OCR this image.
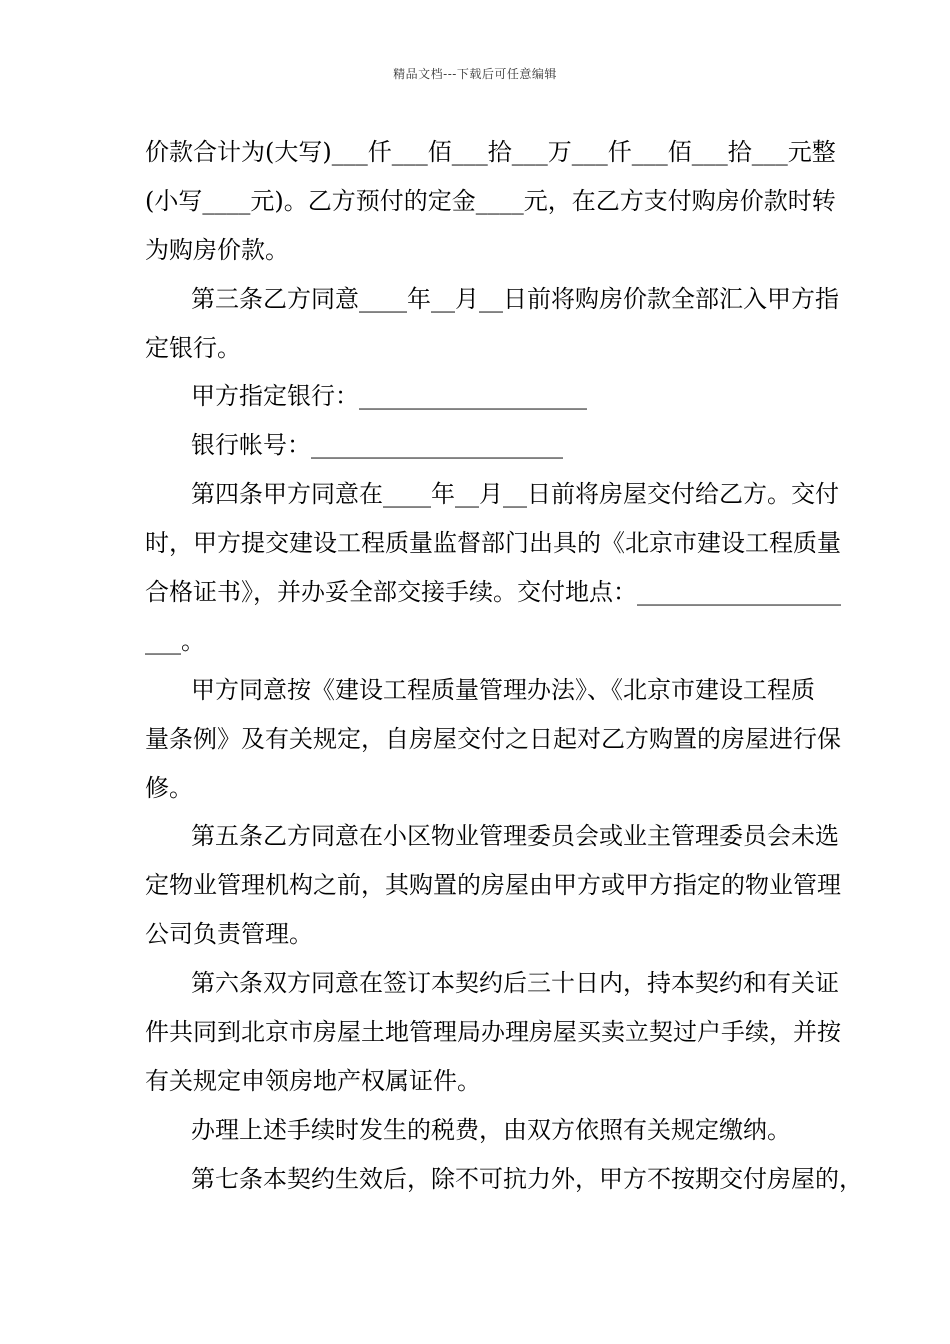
精品文档---下载后可任意编辑
价款合计为(大写)___仟___佰___拾___万___仟___佰___拾___元整
(小写____元)。乙方预付的定金____元，在乙方支付购房价款时转
为购房价款。
第三条乙方同意____年__月__日前将购房价款全部汇入甲方指
定银行。
甲方指定银行：___________________
银行帐号：_____________________
第四条甲方同意在____年__月__日前将房屋交付给乙方。交付
时，甲方提交建设工程质量监督部门出具的《北京市建设工程质量
合格证书》，并办妥全部交接手续。交付地点：_________________
___。
甲方同意按《建设工程质量管理办法》、《北京市建设工程质
量条例》及有关规定，自房屋交付之日起对乙方购置的房屋进行保
修。
第五条乙方同意在小区物业管理委员会或业主管理委员会未选
定物业管理机构之前，其购置的房屋由甲方或甲方指定的物业管理
公司负责管理。
第六条双方同意在签订本契约后三十日内，持本契约和有关证
件共同到北京市房屋土地管理局办理房屋买卖立契过户手续，并按
有关规定申领房地产权属证件。
办理上述手续时发生的税费，由双方依照有关规定缴纳。
第七条本契约生效后，除不可抗力外，甲方不按期交付房屋的，
